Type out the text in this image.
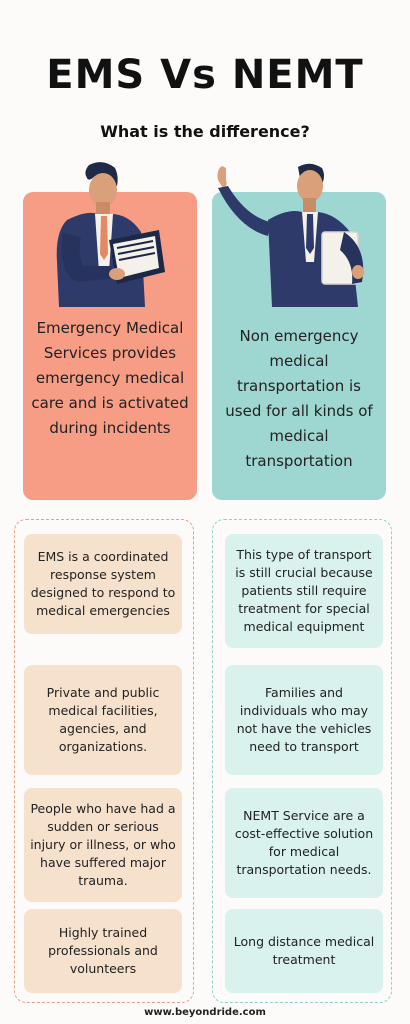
EMS Vs NEMT
What is the difference?
Emergency Medical Services provides emergency medical care and is activated during incidents
Non emergency medical transportation is used for all kinds of medical transportation
EMS is a coordinated response system designed to respond to medical emergencies
Private and public medical facilities, agencies, and organizations.
People who have had a sudden or serious injury or illness, or who have suffered major trauma.
Highly trained professionals and volunteers
This type of transport is still crucial because patients still require treatment for special medical equipment
Families and individuals who may not have the vehicles need to transport
NEMT Service are a cost-effective solution for medical transportation needs.
Long distance medical treatment
www.beyondride.com
